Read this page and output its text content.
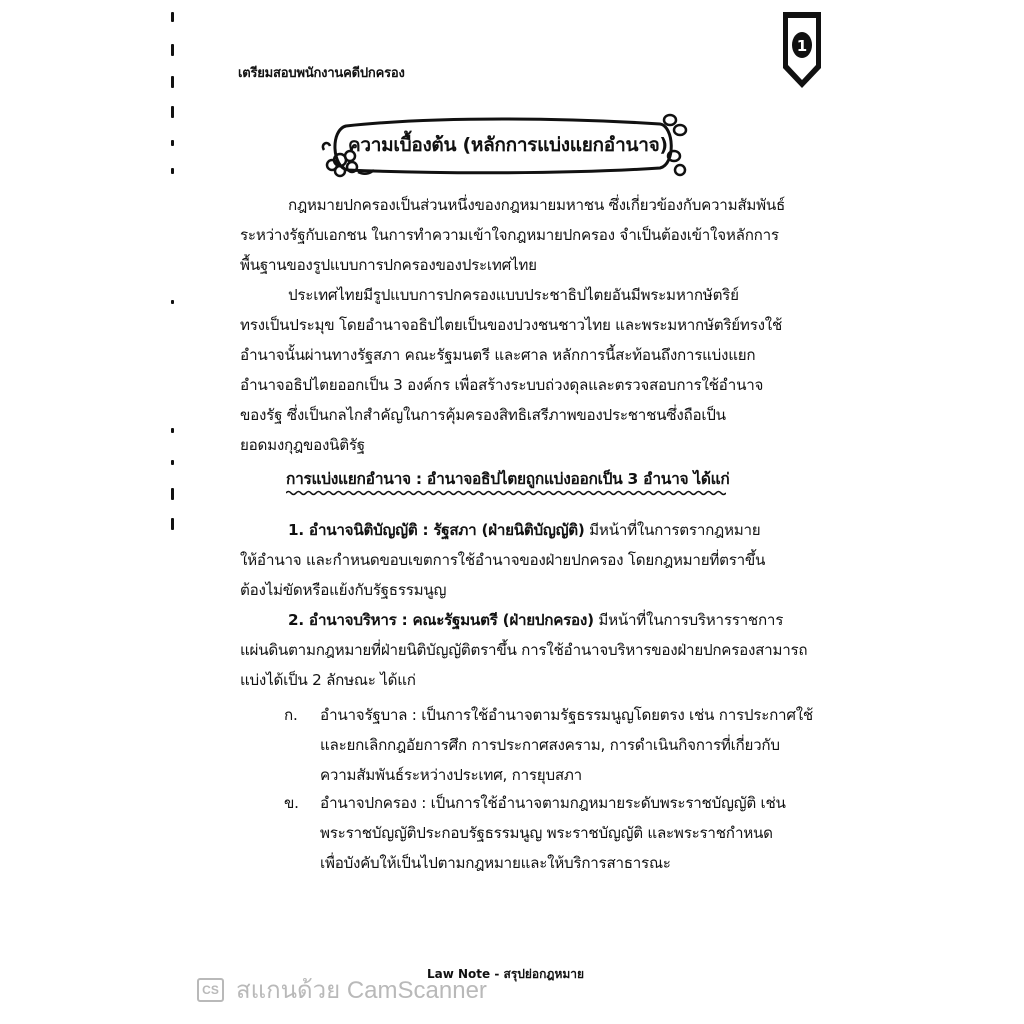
เตรียมสอบพนักงานคดีปกครอง
1
ความเบื้องต้น (หลักการแบ่งแยกอำนาจ)
กฎหมายปกครองเป็นส่วนหนึ่งของกฎหมายมหาชน ซึ่งเกี่ยวข้องกับความสัมพันธ์
ระหว่างรัฐกับเอกชน ในการทำความเข้าใจกฎหมายปกครอง จำเป็นต้องเข้าใจหลักการ
พื้นฐานของรูปแบบการปกครองของประเทศไทย
ประเทศไทยมีรูปแบบการปกครองแบบประชาธิปไตยอันมีพระมหากษัตริย์
ทรงเป็นประมุข โดยอำนาจอธิปไตยเป็นของปวงชนชาวไทย และพระมหากษัตริย์ทรงใช้
อำนาจนั้นผ่านทางรัฐสภา คณะรัฐมนตรี และศาล หลักการนี้สะท้อนถึงการแบ่งแยก
อำนาจอธิปไตยออกเป็น 3 องค์กร เพื่อสร้างระบบถ่วงดุลและตรวจสอบการใช้อำนาจ
ของรัฐ ซึ่งเป็นกลไกสำคัญในการคุ้มครองสิทธิเสรีภาพของประชาชนซึ่งถือเป็น
ยอดมงกุฎของนิติรัฐ
การแบ่งแยกอำนาจ : อำนาจอธิปไตยถูกแบ่งออกเป็น 3 อำนาจ ได้แก่
1. อำนาจนิติบัญญัติ : รัฐสภา (ฝ่ายนิติบัญญัติ) มีหน้าที่ในการตรากฎหมาย
ให้อำนาจ และกำหนดขอบเขตการใช้อำนาจของฝ่ายปกครอง โดยกฎหมายที่ตราขึ้น
ต้องไม่ขัดหรือแย้งกับรัฐธรรมนูญ
2. อำนาจบริหาร : คณะรัฐมนตรี (ฝ่ายปกครอง) มีหน้าที่ในการบริหารราชการ
แผ่นดินตามกฎหมายที่ฝ่ายนิติบัญญัติตราขึ้น การใช้อำนาจบริหารของฝ่ายปกครองสามารถ
แบ่งได้เป็น 2 ลักษณะ ได้แก่
ก. อำนาจรัฐบาล : เป็นการใช้อำนาจตามรัฐธรรมนูญโดยตรง เช่น การประกาศใช้
และยกเลิกกฎอัยการศึก การประกาศสงคราม, การดำเนินกิจการที่เกี่ยวกับ
ความสัมพันธ์ระหว่างประเทศ, การยุบสภา
ข. อำนาจปกครอง : เป็นการใช้อำนาจตามกฎหมายระดับพระราชบัญญัติ เช่น
พระราชบัญญัติประกอบรัฐธรรมนูญ พระราชบัญญัติ และพระราชกำหนด
เพื่อบังคับให้เป็นไปตามกฎหมายและให้บริการสาธารณะ
CS สแกนด้วย CamScanner
Law Note - สรุปย่อกฎหมาย
